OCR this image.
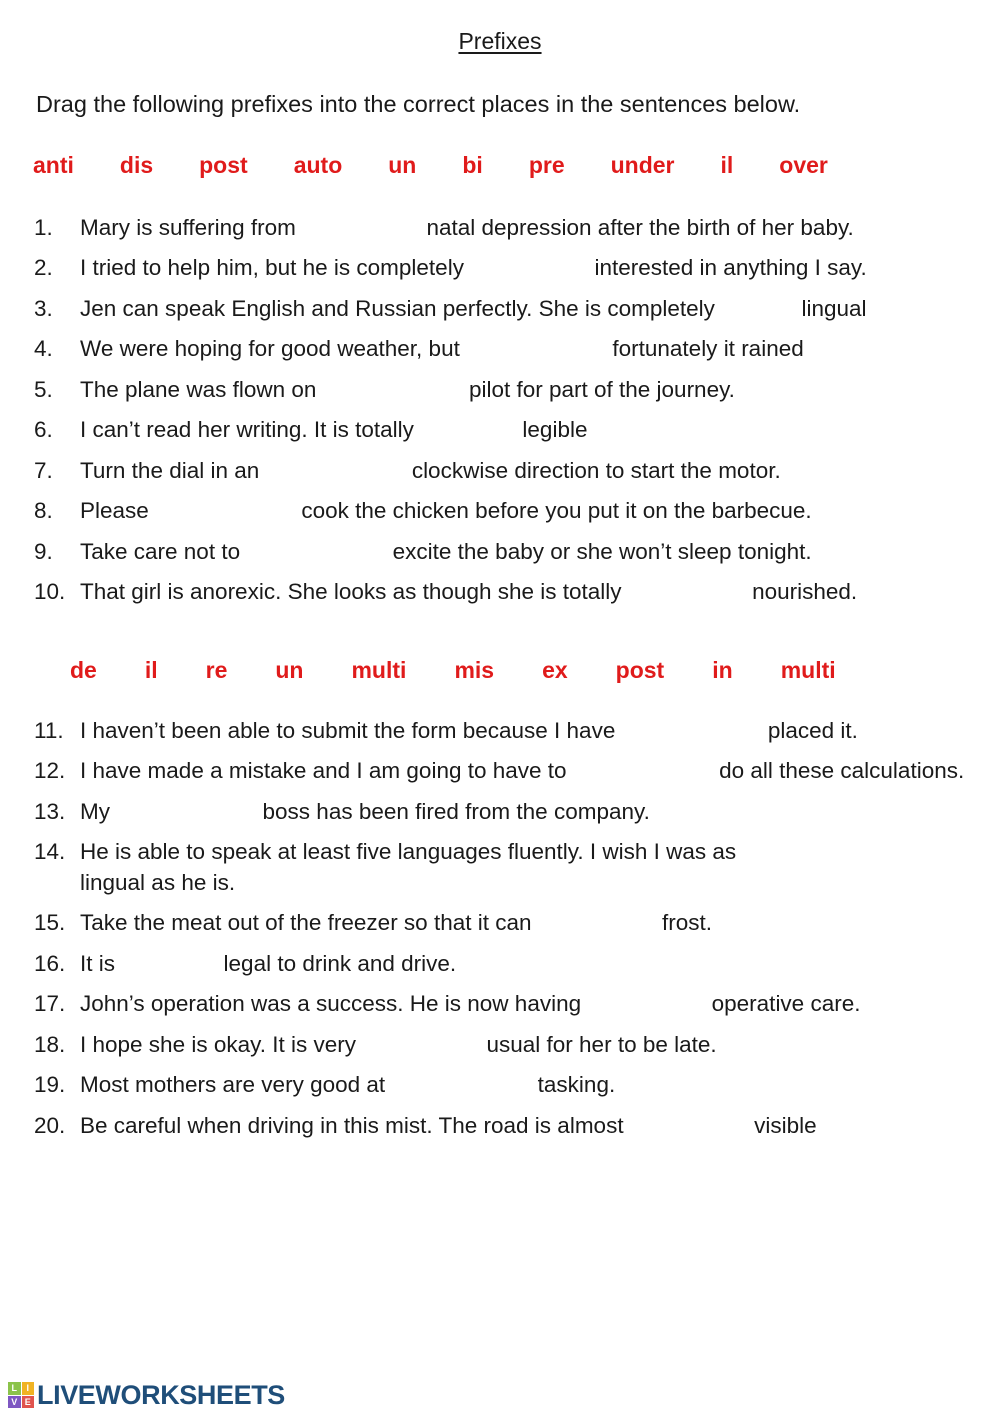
Prefixes

Drag the following prefixes into the correct places in the sentences below.

anti dis post auto un bi pre under il over
1.	Mary is suffering from	natal depression after the birth of her baby.
2.	I tried to help him, but he is completely	interested in anything I say.
3.	Jen can speak English and Russian perfectly. She is completely	lingual
4.	We were hoping for good weather, but	fortunately it rained
5.	The plane was flown on	pilot for part of the journey.
6.	I can’t read her writing. It is totally	legible
7.	Turn the dial in an	clockwise direction to start the motor.
8.	Please	cook the chicken before you put it on the barbecue.
9.	Take care not to	excite the baby or she won’t sleep tonight.
10. That girl is anorexic. She looks as though she is totally	nourished.
de il re un multi mis ex post in multi
11. I haven’t been able to submit the form because I have	placed it.
12. I have made a mistake and I am going to have to	do all these calculations.
13. My	boss has been fired from the company.
14. He is able to speak at least five languages fluently. I wish I was as  lingual as he is.
15. Take the meat out of the freezer so that it can	frost.
16. It is	legal to drink and drive.
17. John’s operation was a success. He is now having	operative care.
18. I hope she is okay. It is very	usual for her to be late.
19. Most mothers are very good at	tasking.
20. Be careful when driving in this mist. The road is almost	visible
L	I
V E LIVEWORKSHEETS
